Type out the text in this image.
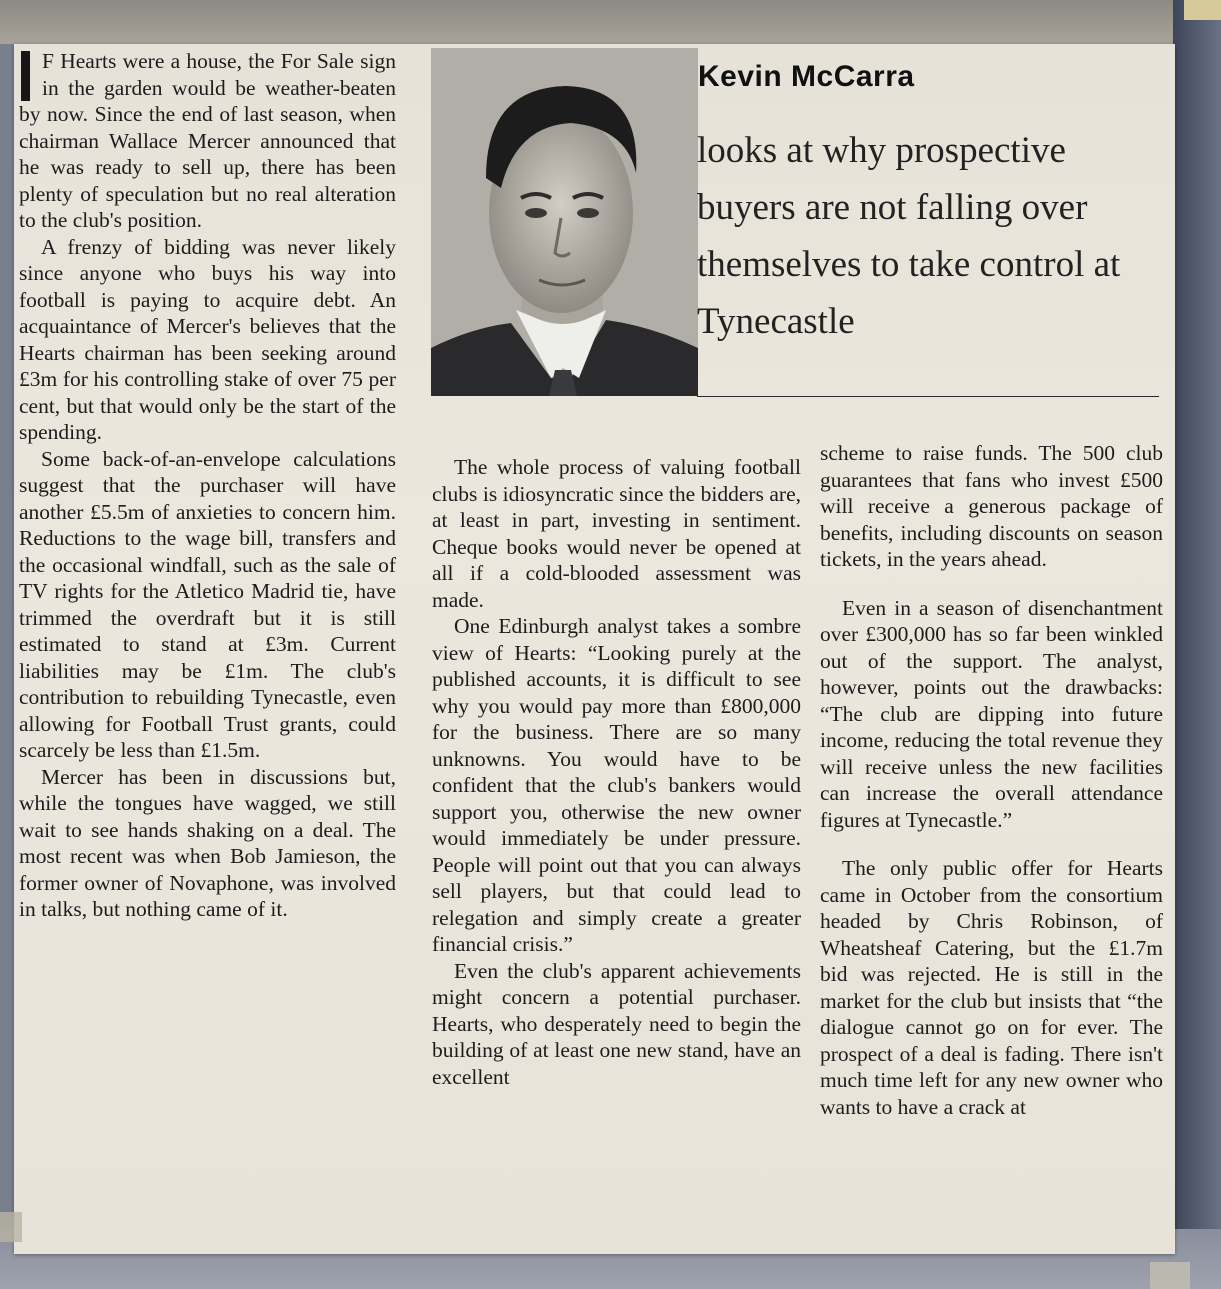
F Hearts were a house, the For Sale sign in the garden would be weather-beaten by now. Since the end of last season, when chairman Wallace Mercer announced that he was ready to sell up, there has been plenty of speculation but no real alteration to the club's position.

A frenzy of bidding was never likely since anyone who buys his way into football is paying to acquire debt. An acquaintance of Mercer's believes that the Hearts chairman has been seeking around £3m for his controlling stake of over 75 per cent, but that would only be the start of the spending.

Some back-of-an-envelope calculations suggest that the purchaser will have another £5.5m of anxieties to concern him. Reductions to the wage bill, transfers and the occasional windfall, such as the sale of TV rights for the Atletico Madrid tie, have trimmed the overdraft but it is still estimated to stand at £3m. Current liabilities may be £1m. The club's contribution to rebuilding Tynecastle, even allowing for Football Trust grants, could scarcely be less than £1.5m.

Mercer has been in discussions but, while the tongues have wagged, we still wait to see hands shaking on a deal. The most recent was when Bob Jamieson, the former owner of Novaphone, was involved in talks, but nothing came of it.

Kevin McCarra
looks at why prospective buyers are not falling over themselves to take control at Tynecastle

The whole process of valuing football clubs is idiosyncratic since the bidders are, at least in part, investing in sentiment. Cheque books would never be opened at all if a cold-blooded assessment was made.

One Edinburgh analyst takes a sombre view of Hearts: “Looking purely at the published accounts, it is difficult to see why you would pay more than £800,000 for the business. There are so many unknowns. You would have to be confident that the club's bankers would support you, otherwise the new owner would immediately be under pressure. People will point out that you can always sell players, but that could lead to relegation and simply create a greater financial crisis.”

Even the club's apparent achievements might concern a potential purchaser. Hearts, who desperately need to begin the building of at least one new stand, have an excellent

scheme to raise funds. The 500 club guarantees that fans who invest £500 will receive a generous package of benefits, including discounts on season tickets, in the years ahead.

Even in a season of disenchantment over £300,000 has so far been winkled out of the support. The analyst, however, points out the drawbacks: “The club are dipping into future income, reducing the total revenue they will receive unless the new facilities can increase the overall attendance figures at Tynecastle.”

The only public offer for Hearts came in October from the consortium headed by Chris Robinson, of Wheatsheaf Catering, but the £1.7m bid was rejected. He is still in the market for the club but insists that “the dialogue cannot go on for ever. The prospect of a deal is fading. There isn't much time left for any new owner who wants to have a crack at
